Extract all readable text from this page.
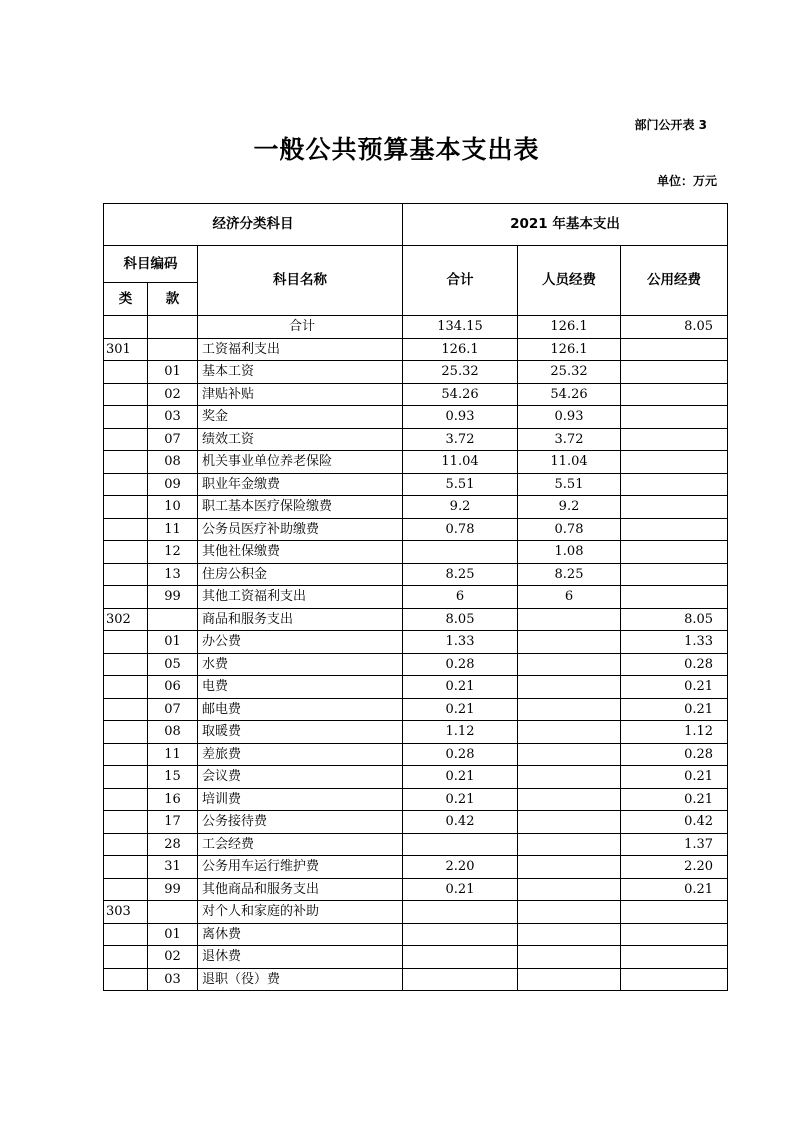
部门公开表 3
一般公共预算基本支出表
单位：万元
经济分类科目			2021 年基本支出		
科目编码		科目名称	合计	人员经费	公用经费
类	款				
		合计	134.15	126.1	8.05
301		工资福利支出	126.1	126.1	
	01	基本工资	25.32	25.32	
	02	津贴补贴	54.26	54.26	
	03	奖金	0.93	0.93	
	07	绩效工资	3.72	3.72	
	08	机关事业单位养老保险	11.04	11.04	
	09	职业年金缴费	5.51	5.51	
	10	职工基本医疗保险缴费	9.2	9.2	
	11	公务员医疗补助缴费	0.78	0.78	
	12	其他社保缴费		1.08	
	13	住房公积金	8.25	8.25	
	99	其他工资福利支出	6	6	
302		商品和服务支出	8.05		8.05
	01	办公费	1.33		1.33
	05	水费	0.28		0.28
	06	电费	0.21		0.21
	07	邮电费	0.21		0.21
	08	取暖费	1.12		1.12
	11	差旅费	0.28		0.28
	15	会议费	0.21		0.21
	16	培训费	0.21		0.21
	17	公务接待费	0.42		0.42
	28	工会经费			1.37
	31	公务用车运行维护费	2.20		2.20
	99	其他商品和服务支出	0.21		0.21
303		对个人和家庭的补助			
	01	离休费			
	02	退休费			
	03	退职（役）费			
